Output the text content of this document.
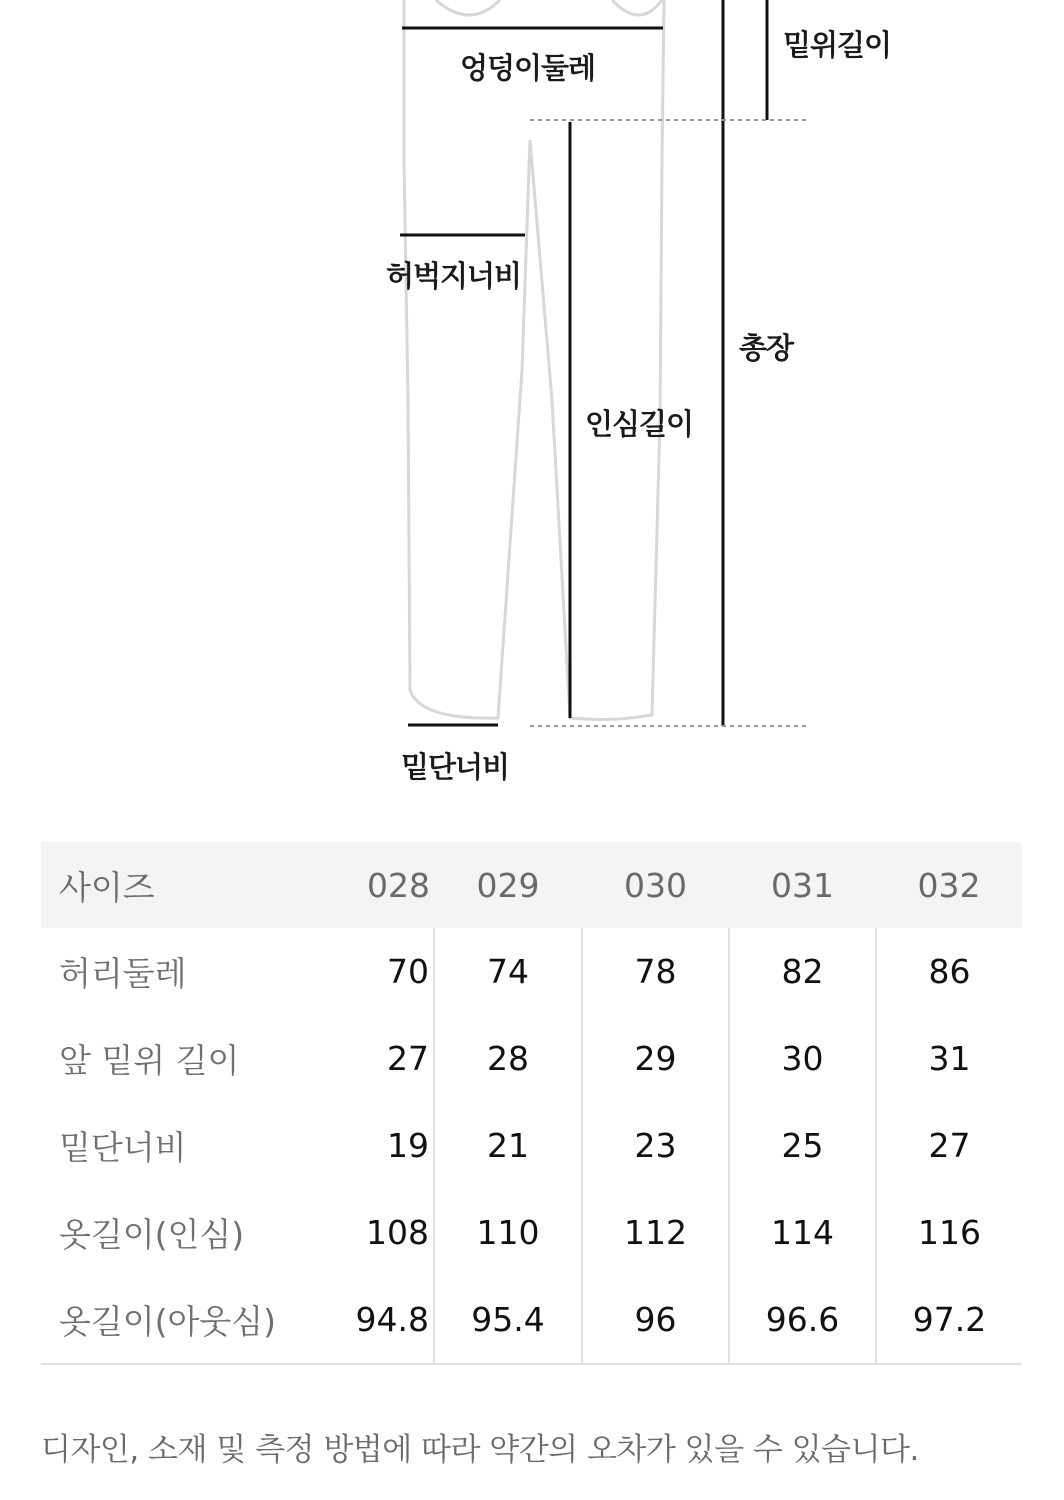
엉덩이둘레
밑위길이
허벅지너비
총장
인심길이
밑단너비
사이즈	028	029	030	031	032
허리둘레	70	74	78	82	86
앞 밑위 길이	27	28	29	30	31
밑단너비	19	21	23	25	27
옷길이(인심)	108	110	112	114	116
옷길이(아웃심)	94.8	95.4	96	96.6	97.2
디자인, 소재 및 측정 방법에 따라 약간의 오차가 있을 수 있습니다.
